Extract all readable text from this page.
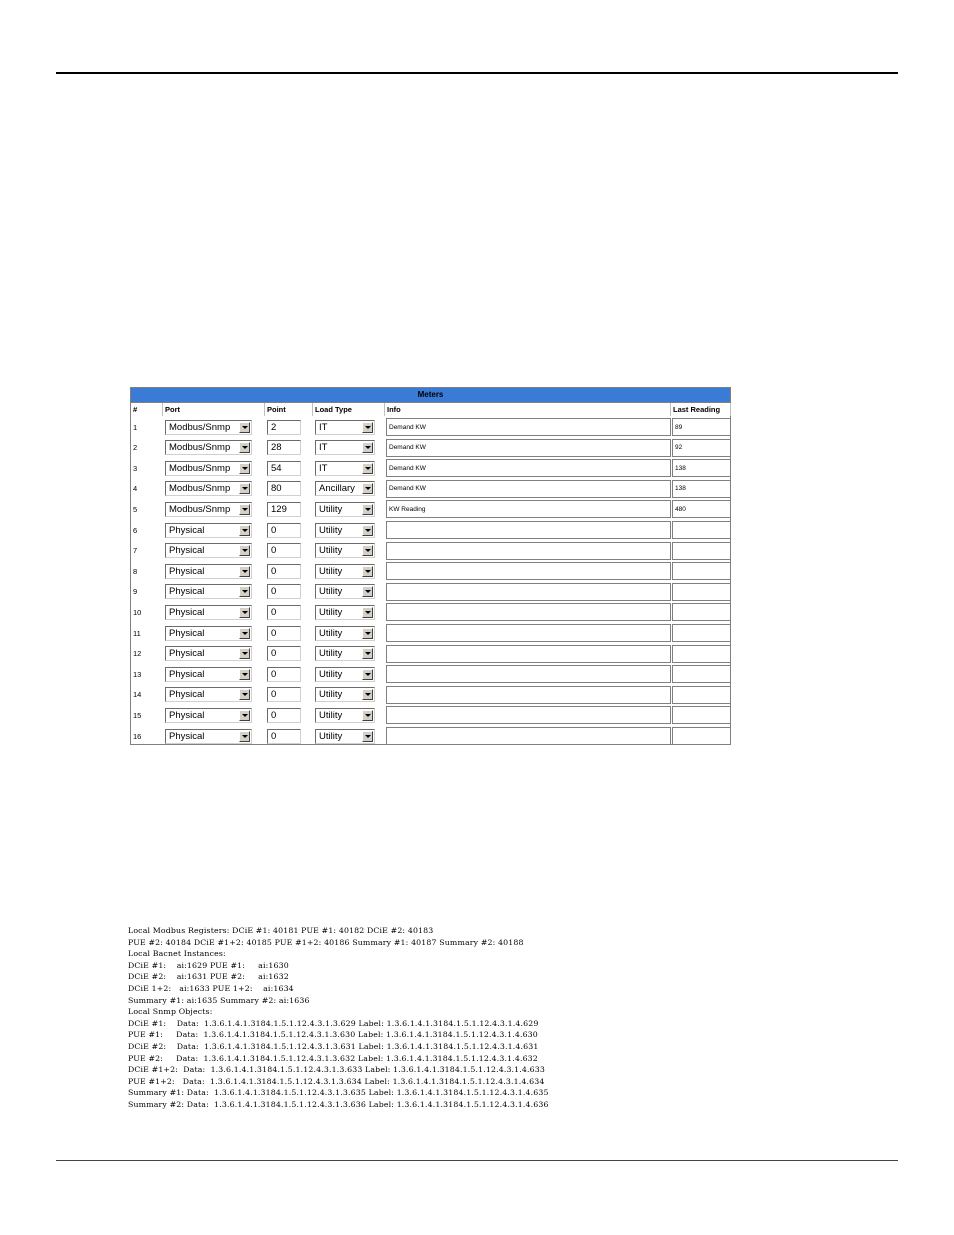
Meters
#	Port	Point	Load Type	Info	Last Reading
1	Modbus/Snmp	2	IT	Demand KW	89
2	Modbus/Snmp	28	IT	Demand KW	92
3	Modbus/Snmp	54	IT	Demand KW	138
4	Modbus/Snmp	80	Ancillary	Demand KW	138
5	Modbus/Snmp	129	Utility	KW Reading	480
6	Physical	0	Utility
7	Physical	0	Utility
8	Physical	0	Utility
9	Physical	0	Utility
10	Physical	0	Utility
11	Physical	0	Utility
12	Physical	0	Utility
13	Physical	0	Utility
14	Physical	0	Utility
15	Physical	0	Utility
16	Physical	0	Utility
Local Modbus Registers: DCiE #1: 40181 PUE #1: 40182 DCiE #2: 40183
PUE #2: 40184 DCiE #1+2: 40185 PUE #1+2: 40186 Summary #1: 40187 Summary #2: 40188
Local Bacnet Instances:
DCiE #1:    ai:1629 PUE #1:     ai:1630
DCiE #2:    ai:1631 PUE #2:     ai:1632
DCiE 1+2:   ai:1633 PUE 1+2:    ai:1634
Summary #1: ai:1635 Summary #2: ai:1636
Local Snmp Objects:
DCiE #1:    Data:  1.3.6.1.4.1.3184.1.5.1.12.4.3.1.3.629 Label: 1.3.6.1.4.1.3184.1.5.1.12.4.3.1.4.629
PUE #1:     Data:  1.3.6.1.4.1.3184.1.5.1.12.4.3.1.3.630 Label: 1.3.6.1.4.1.3184.1.5.1.12.4.3.1.4.630
DCiE #2:    Data:  1.3.6.1.4.1.3184.1.5.1.12.4.3.1.3.631 Label: 1.3.6.1.4.1.3184.1.5.1.12.4.3.1.4.631
PUE #2:     Data:  1.3.6.1.4.1.3184.1.5.1.12.4.3.1.3.632 Label: 1.3.6.1.4.1.3184.1.5.1.12.4.3.1.4.632
DCiE #1+2:  Data:  1.3.6.1.4.1.3184.1.5.1.12.4.3.1.3.633 Label: 1.3.6.1.4.1.3184.1.5.1.12.4.3.1.4.633
PUE #1+2:   Data:  1.3.6.1.4.1.3184.1.5.1.12.4.3.1.3.634 Label: 1.3.6.1.4.1.3184.1.5.1.12.4.3.1.4.634
Summary #1: Data:  1.3.6.1.4.1.3184.1.5.1.12.4.3.1.3.635 Label: 1.3.6.1.4.1.3184.1.5.1.12.4.3.1.4.635
Summary #2: Data:  1.3.6.1.4.1.3184.1.5.1.12.4.3.1.3.636 Label: 1.3.6.1.4.1.3184.1.5.1.12.4.3.1.4.636
